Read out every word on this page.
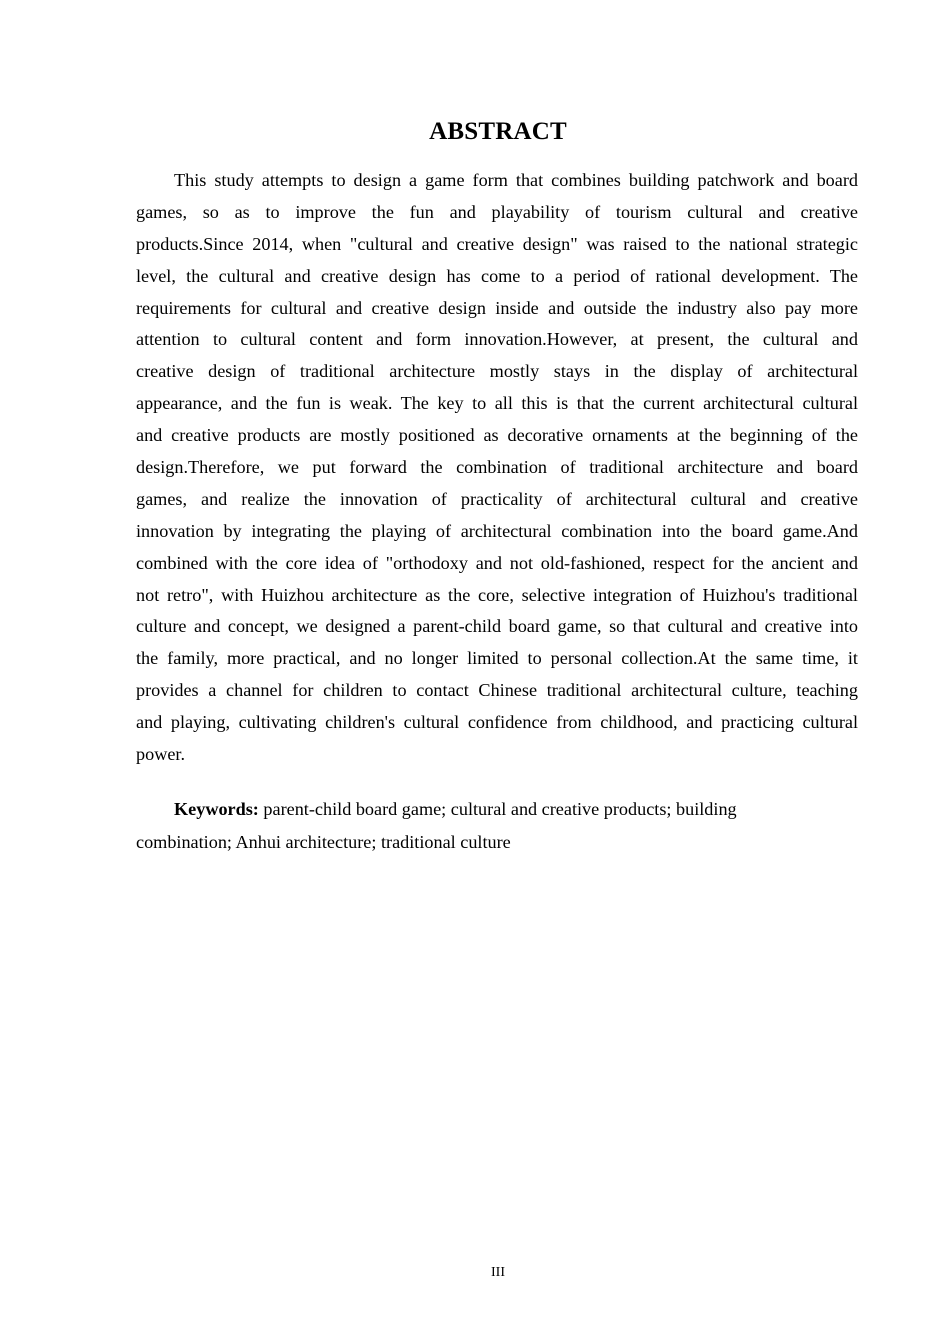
ABSTRACT
This study attempts to design a game form that combines building patchwork and board
games, so as to improve the fun and playability of tourism cultural and creative
products.Since 2014, when "cultural and creative design" was raised to the national strategic
level, the cultural and creative design has come to a period of rational development. The
requirements for cultural and creative design inside and outside the industry also pay more
attention to cultural content and form innovation.However, at present, the cultural and
creative design of traditional architecture mostly stays in the display of architectural
appearance, and the fun is weak. The key to all this is that the current architectural cultural
and creative products are mostly positioned as decorative ornaments at the beginning of the
design.Therefore, we put forward the combination of traditional architecture and board
games, and realize the innovation of practicality of architectural cultural and creative
innovation by integrating the playing of architectural combination into the board game.And
combined with the core idea of "orthodoxy and not old-fashioned, respect for the ancient and
not retro", with Huizhou architecture as the core, selective integration of Huizhou's traditional
culture and concept, we designed a parent-child board game, so that cultural and creative into
the family, more practical, and no longer limited to personal collection.At the same time, it
provides a channel for children to contact Chinese traditional architectural culture, teaching
and playing, cultivating children's cultural confidence from childhood, and practicing cultural
power.
Keywords: parent-child board game; cultural and creative products; building
combination; Anhui architecture; traditional culture
III
